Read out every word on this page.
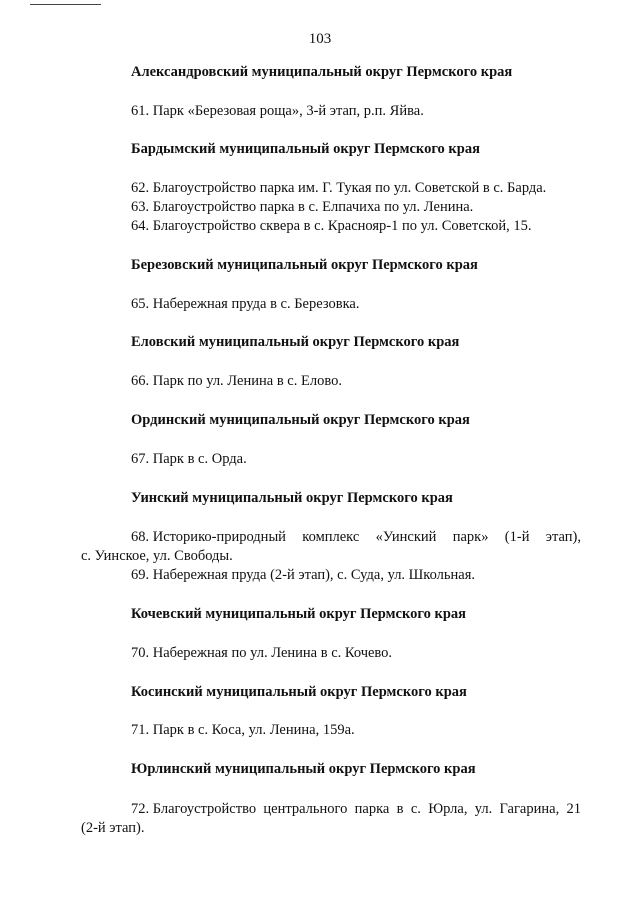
103
Александровский муниципальный округ Пермского края
61. Парк «Березовая роща», 3-й этап, р.п. Яйва.
Бардымский муниципальный округ Пермского края
62. Благоустройство парка им. Г. Тукая по ул. Советской в с. Барда.
63. Благоустройство парка в с. Елпачиха по ул. Ленина.
64. Благоустройство сквера в с. Краснояр-1 по ул. Советской, 15.
Березовский муниципальный округ Пермского края
65. Набережная пруда в с. Березовка.
Еловский муниципальный округ Пермского края
66. Парк по ул. Ленина в с. Елово.
Ординский муниципальный округ Пермского края
67. Парк в с. Орда.
Уинский муниципальный округ Пермского края
68. Историко-природный комплекс «Уинский парк» (1-й этап),
с. Уинское, ул. Свободы.
69. Набережная пруда (2-й этап), с. Суда, ул. Школьная.
Кочевский муниципальный округ Пермского края
70. Набережная по ул. Ленина в с. Кочево.
Косинский муниципальный округ Пермского края
71. Парк в с. Коса, ул. Ленина, 159а.
Юрлинский муниципальный округ Пермского края
72. Благоустройство центрального парка в с. Юрла, ул. Гагарина, 21
(2-й этап).
